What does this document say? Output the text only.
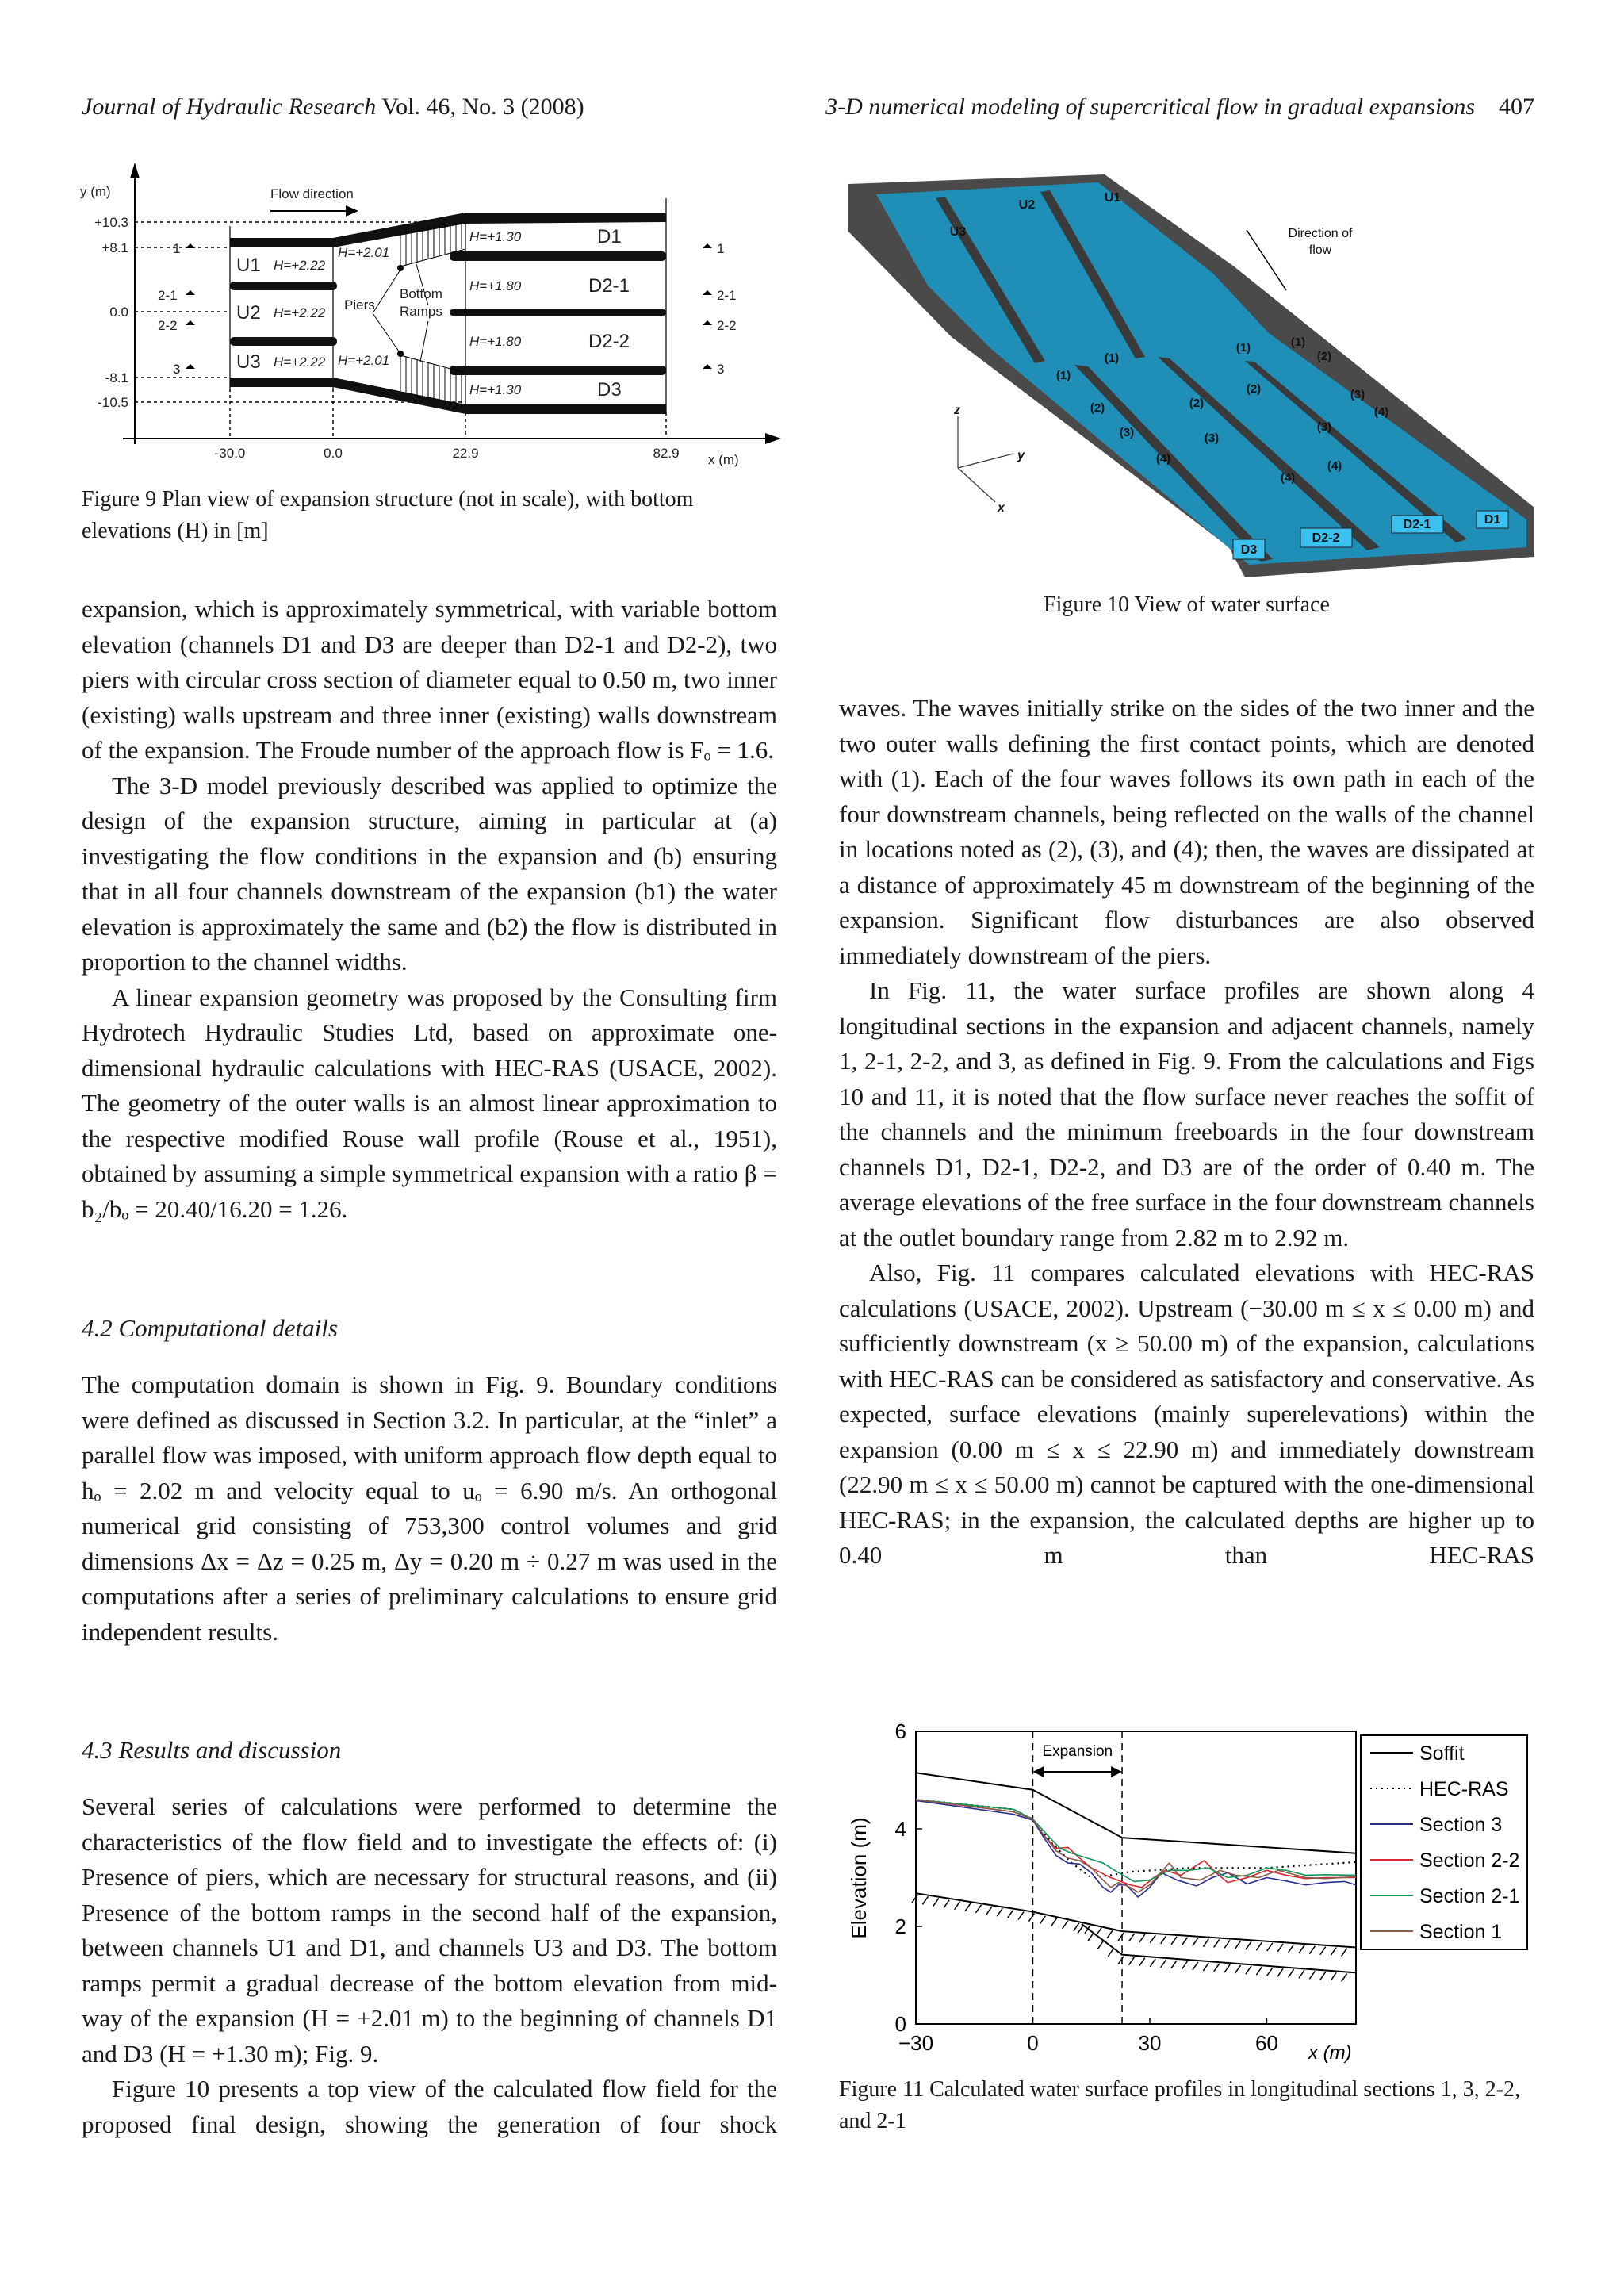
Journal of Hydraulic Research Vol. 46, No. 3 (2008)	3-D numerical modeling of supercritical flow in gradual expansions 407
y (m)	Flow direction
+10.3
+8.1
0.0
-8.1
-10.5
-30.0	0.0	22.9	82.9 x (m)
U1
U2
U3
H=+2.22
H=+2.22
H=+2.22
H=+2.01
H=+2.01
Piers
Bottom
Ramps
H=+1.30
H=+1.80
H=+1.80
H=+1.30
D1
D2-1
D2-2
D3
1
2-1
2-2
3
1
2-1
2-2
3
Figure 9 Plan view of expansion structure (not in scale), with bottom elevations (H) in [m]
U3
U2
U1
D3
D2-2
D2-1	D1
Direction of
flow
(1)
(1)
(1)	(1)
(2)	(2)
(2)
(2)
(3)	(3)
(3)
(3)
(4)
(4)
(4)
(4)
z
y
x
Figure 10 View of water surface

expansion, which is approximately symmetrical, with variable bottom elevation (channels D1 and D3 are deeper than D2-1 and D2-2), two piers with circular cross section of diameter equal to 0.50 m, two inner (existing) walls upstream and three inner (existing) walls downstream of the expansion. The Froude number of the approach flow is Fₒ = 1.6.

The 3-D model previously described was applied to optimize the design of the expansion structure, aiming in particular at (a) investigating the flow conditions in the expansion and (b) ensuring that in all four channels downstream of the expansion (b1) the water elevation is approximately the same and (b2) the flow is distributed in proportion to the channel widths.

A linear expansion geometry was proposed by the Consulting firm Hydrotech Hydraulic Studies Ltd, based on approximate one-dimensional hydraulic calculations with HEC-RAS (USACE, 2002). The geometry of the outer walls is an almost linear approximation to the respective modified Rouse wall profile (Rouse et al., 1951), obtained by assuming a simple symmetrical expansion with a ratio β = b₂/bₒ = 20.40/16.20 = 1.26.

4.2 Computational details

The computation domain is shown in Fig. 9. Boundary conditions were defined as discussed in Section 3.2. In particular, at the “inlet” a parallel flow was imposed, with uniform approach flow depth equal to hₒ = 2.02 m and velocity equal to uₒ = 6.90 m/s. An orthogonal numerical grid consisting of 753,300 control volumes and grid dimensions Δx = Δz = 0.25 m, Δy = 0.20 m ÷ 0.27 m was used in the computations after a series of preliminary calculations to ensure grid independent results.

4.3 Results and discussion

Several series of calculations were performed to determine the characteristics of the flow field and to investigate the effects of: (i) Presence of piers, which are necessary for structural reasons, and (ii) Presence of the bottom ramps in the second half of the expansion, between channels U1 and D1, and channels U3 and D3. The bottom ramps permit a gradual decrease of the bottom elevation from mid-way of the expansion (H = +2.01 m) to the beginning of channels D1 and D3 (H = +1.30 m); Fig. 9.

Figure 10 presents a top view of the calculated flow field for the proposed final design, showing the generation of four shock

waves. The waves initially strike on the sides of the two inner and the two outer walls defining the first contact points, which are denoted with (1). Each of the four waves follows its own path in each of the four downstream channels, being reflected on the walls of the channel in locations noted as (2), (3), and (4); then, the waves are dissipated at a distance of approximately 45 m downstream of the beginning of the expansion. Significant flow disturbances are also observed immediately downstream of the piers.

In Fig. 11, the water surface profiles are shown along 4 longitudinal sections in the expansion and adjacent channels, namely 1, 2-1, 2-2, and 3, as defined in Fig. 9. From the calculations and Figs 10 and 11, it is noted that the flow surface never reaches the soffit of the channels and the minimum freeboards in the four downstream channels D1, D2-1, D2-2, and D3 are of the order of 0.40 m. The average elevations of the free surface in the four downstream channels at the outlet boundary range from 2.82 m to 2.92 m.

Also, Fig. 11 compares calculated elevations with HEC-RAS calculations (USACE, 2002). Upstream (−30.00 m ≤ x ≤ 0.00 m) and sufficiently downstream (x ≥ 50.00 m) of the expansion, calculations with HEC-RAS can be considered as satisfactory and conservative. As expected, surface elevations (mainly superelevations) within the expansion (0.00 m ≤ x ≤ 22.90 m) and immediately downstream (22.90 m ≤ x ≤ 50.00 m) cannot be captured with the one-dimensional HEC-RAS; in the expansion, the calculated depths are higher up to 0.40 m than HEC-RAS

Elevation (m)
x (m)
−30	0	30	60
0
2
4
6
Expansion	Soffit
HEC-RAS
Section 3
Section 2-2
Section 2-1
Section 1
Figure 11 Calculated water surface profiles in longitudinal sections 1, 3, 2-2, and 2-1
